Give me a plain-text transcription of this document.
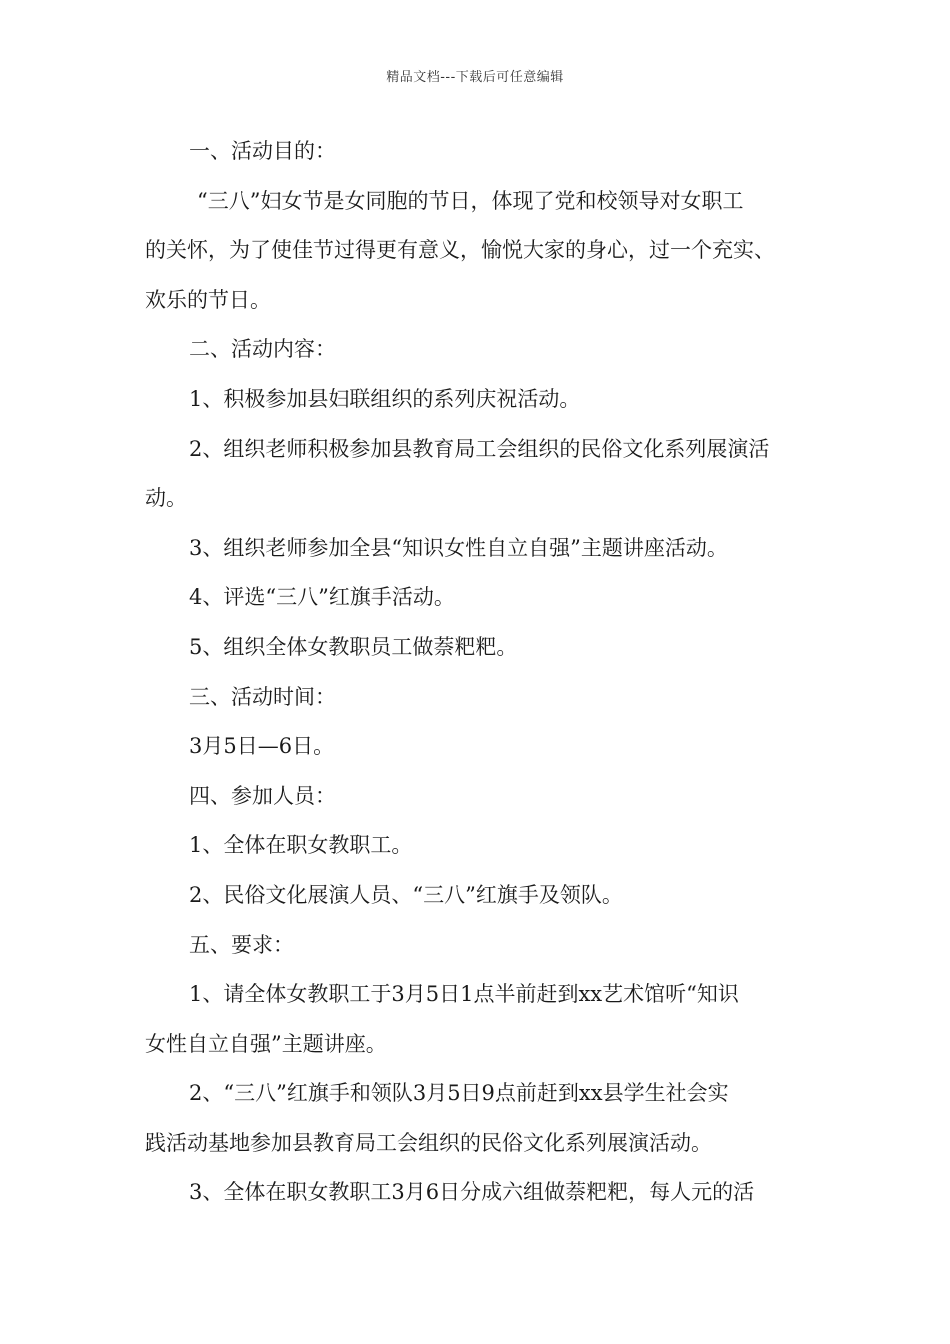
精品文档---下载后可任意编辑

一、活动目的：

“三八”妇女节是女同胞的节日，体现了党和校领导对女职工

的关怀，为了使佳节过得更有意义，愉悦大家的身心，过一个充实、

欢乐的节日。

二、活动内容：

1、积极参加县妇联组织的系列庆祝活动。

2、组织老师积极参加县教育局工会组织的民俗文化系列展演活

动。

3、组织老师参加全县“知识女性自立自强”主题讲座活动。

4、评选“三八”红旗手活动。

5、组织全体女教职员工做萘粑粑。

三、活动时间：

3月5日—6日。

四、参加人员：

1、全体在职女教职工。

2、民俗文化展演人员、“三八”红旗手及领队。

五、要求：

1、请全体女教职工于3月5日1点半前赶到xx艺术馆听“知识

女性自立自强”主题讲座。

2、“三八”红旗手和领队3月5日9点前赶到xx县学生社会实

践活动基地参加县教育局工会组织的民俗文化系列展演活动。

3、全体在职女教职工3月6日分成六组做萘粑粑，每人元的活
